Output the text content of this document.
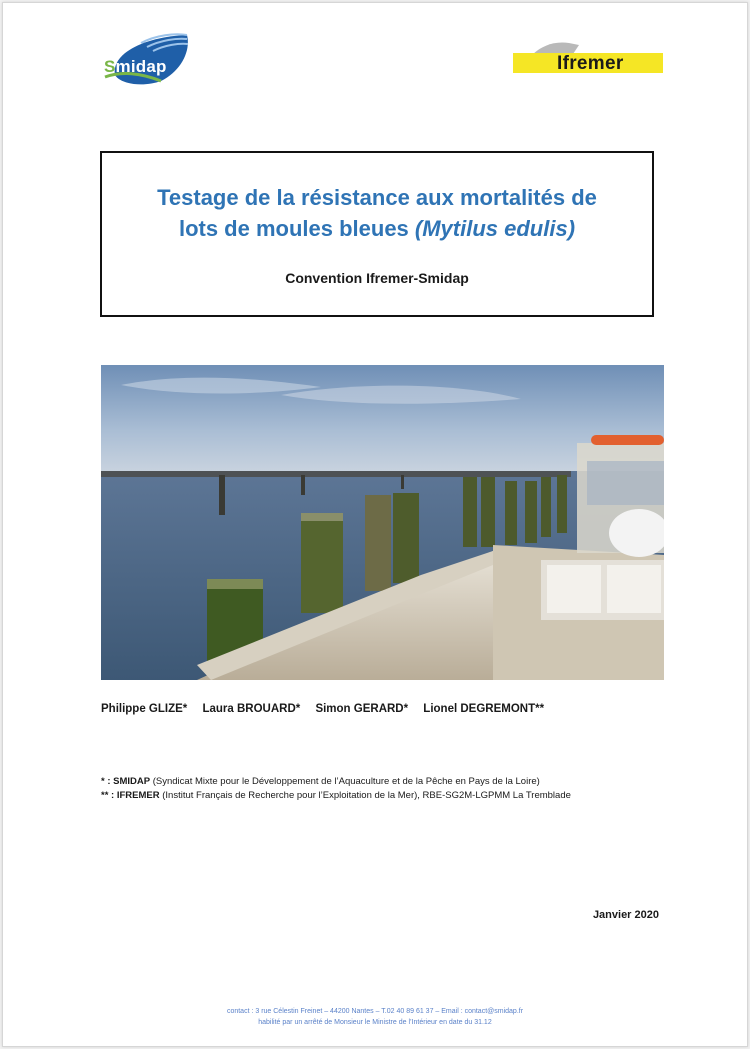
Smidap	Ifremer
Testage de la résistance aux mortalités de
lots de moules bleues (Mytilus edulis)
Convention Ifremer-Smidap
Philippe GLIZE* Laura BROUARD* Simon GERARD* Lionel DEGREMONT**
* : SMIDAP (Syndicat Mixte pour le Développement de l’Aquaculture et de la Pêche en Pays de la Loire)
** : IFREMER (Institut Français de Recherche pour l’Exploitation de la Mer), RBE-SG2M-LGPMM La Tremblade
Janvier 2020
contact : 3 rue Célestin Freinet – 44200 Nantes – T.02 40 89 61 37 – Email : contact@smidap.fr
habilité par un arrêté de Monsieur le Ministre de l’Intérieur en date du 31.12
